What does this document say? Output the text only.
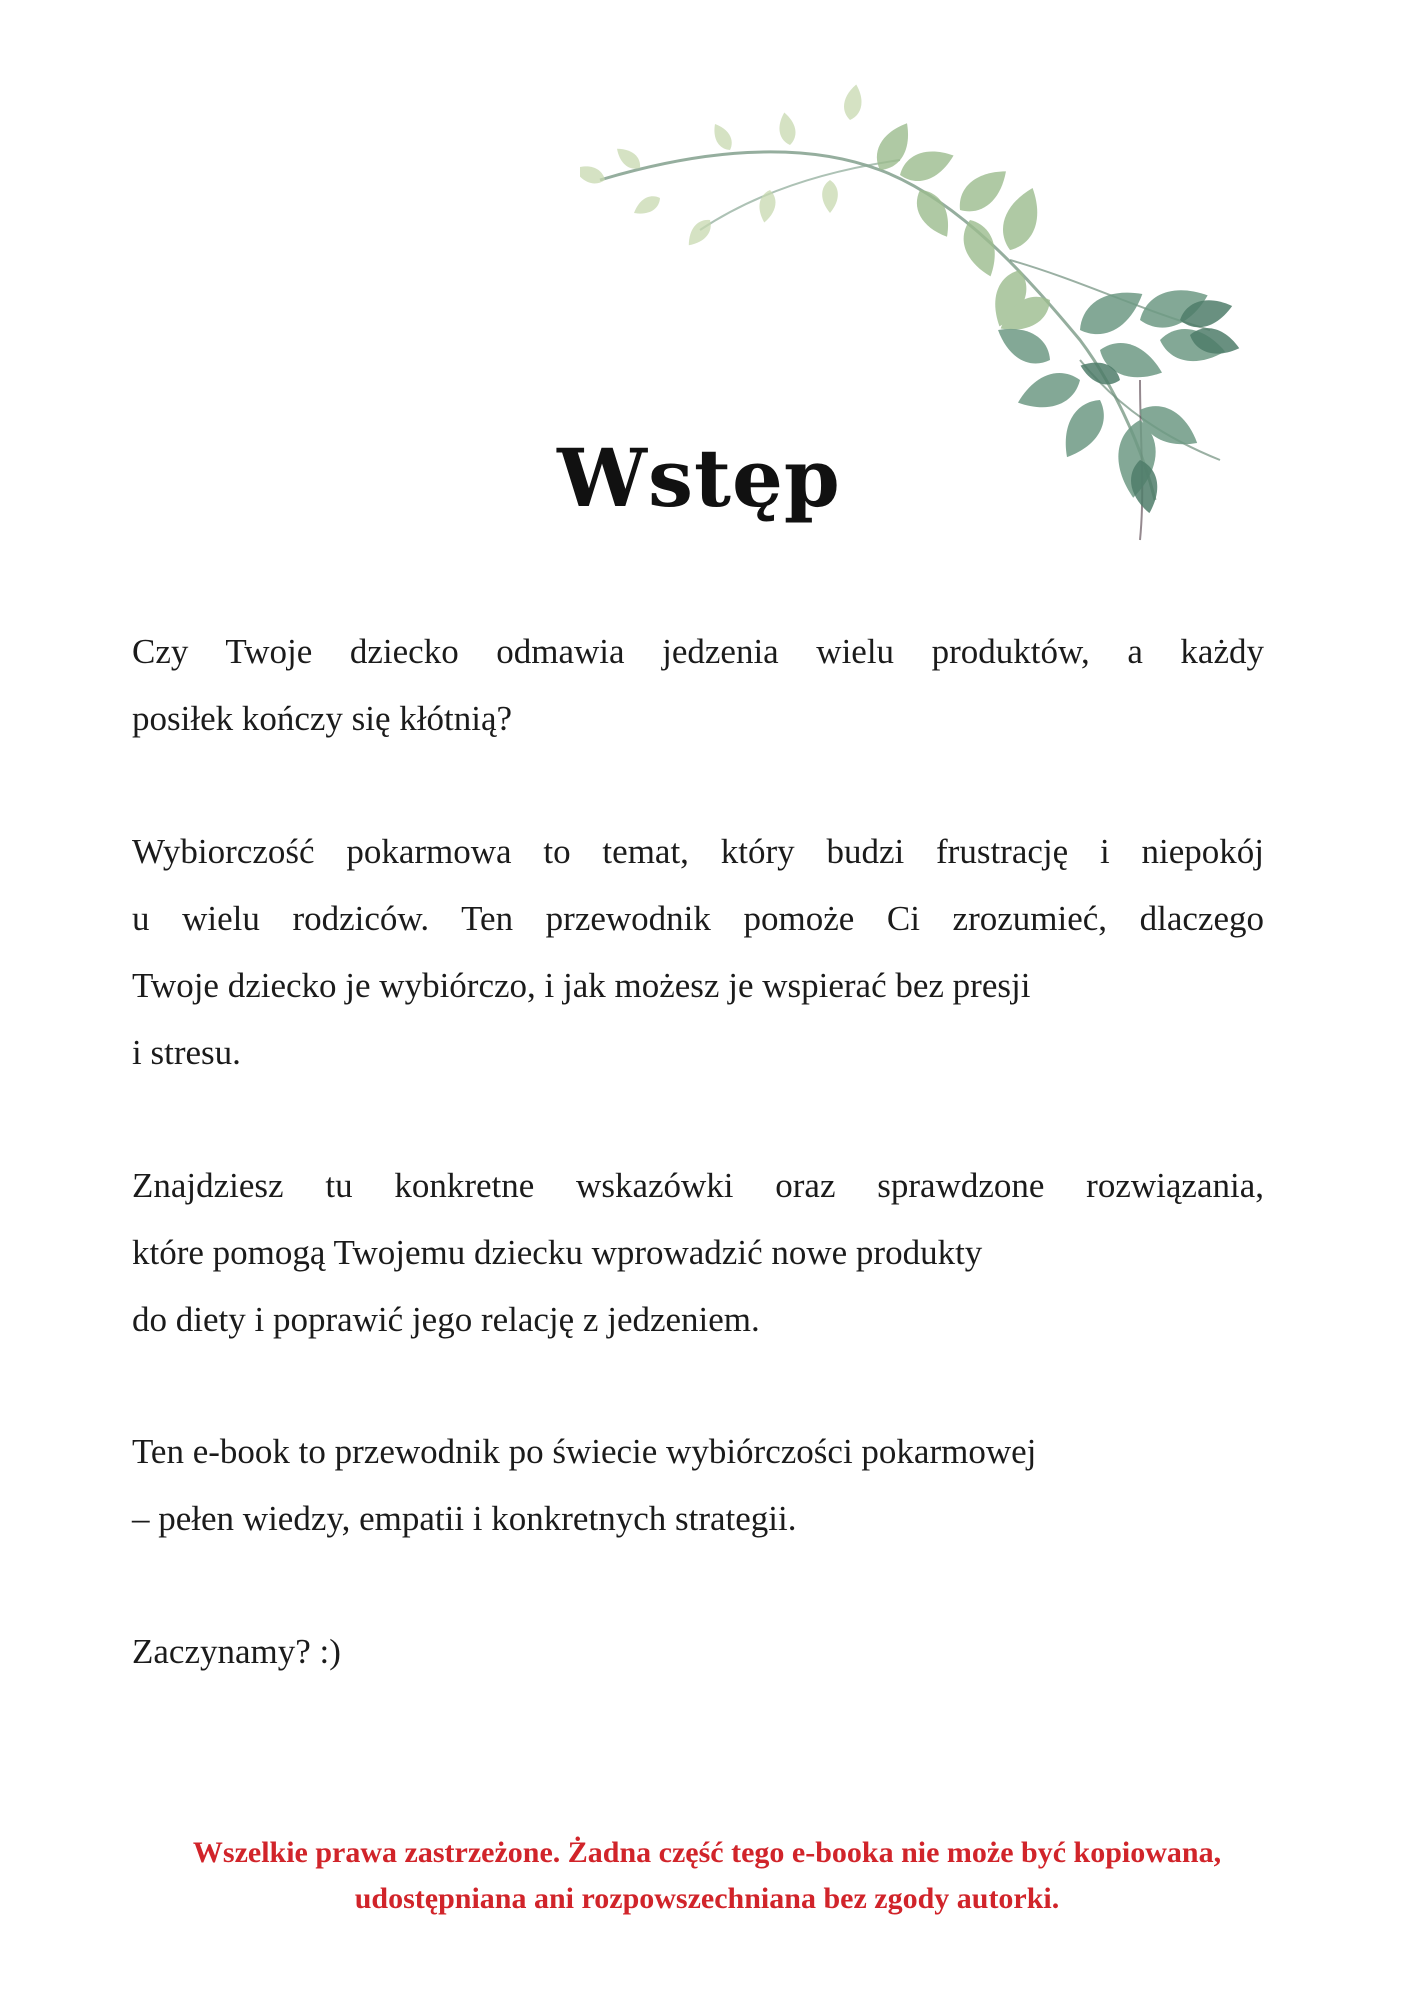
Wstęp
Czy Twoje dziecko odmawia jedzenia wielu produktów, a każdy
posiłek kończy się kłótnią?
Wybiorczość pokarmowa to temat, który budzi frustrację i niepokój
u wielu rodziców. Ten przewodnik pomoże Ci zrozumieć, dlaczego
Twoje dziecko je wybiórczo, i jak możesz je wspierać bez presji
i stresu.
Znajdziesz tu konkretne wskazówki oraz sprawdzone rozwiązania,
które pomogą Twojemu dziecku wprowadzić nowe produkty
do diety i poprawić jego relację z jedzeniem.
Ten e-book to przewodnik po świecie wybiórczości pokarmowej
– pełen wiedzy, empatii i konkretnych strategii.
Zaczynamy? :)
Wszelkie prawa zastrzeżone. Żadna część tego e-booka nie może być kopiowana,
udostępniana ani rozpowszechniana bez zgody autorki.
